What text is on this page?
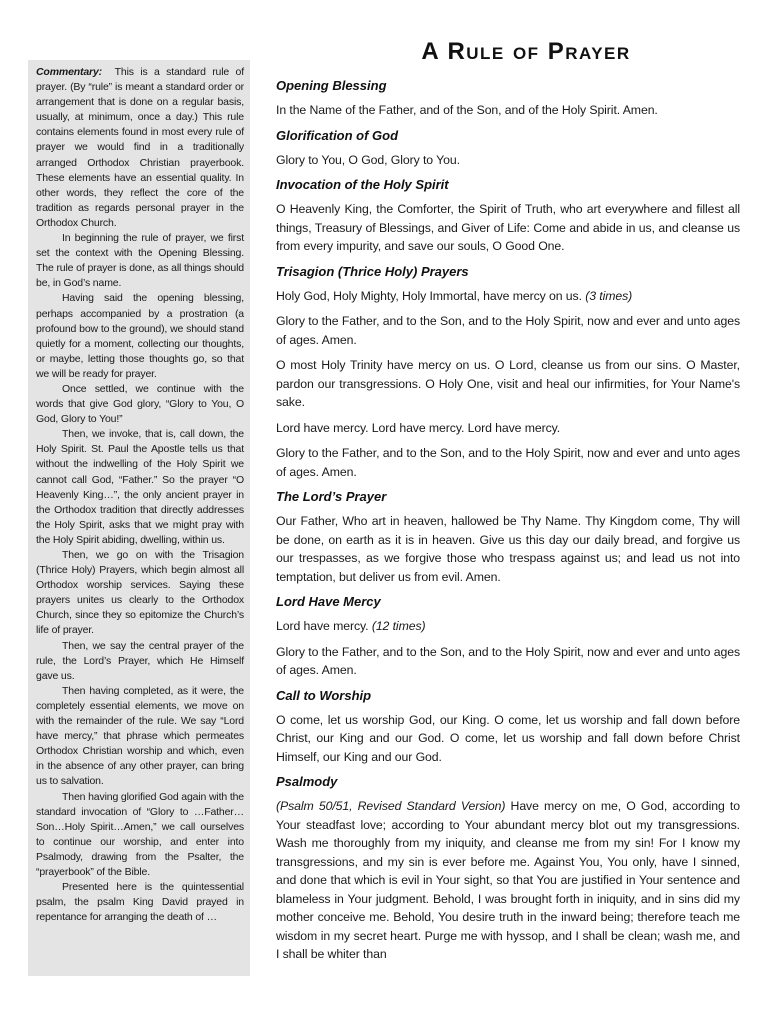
Commentary: This is a standard rule of prayer. (By “rule” is meant a standard order or arrangement that is done on a regular basis, usually, at minimum, once a day.) This rule contains elements found in most every rule of prayer we would find in a traditionally arranged Orthodox Christian prayerbook. These elements have an essential quality. In other words, they reflect the core of the tradition as regards personal prayer in the Orthodox Church.

In beginning the rule of prayer, we first set the context with the Opening Blessing. The rule of prayer is done, as all things should be, in God’s name.

Having said the opening blessing, perhaps accompanied by a prostration (a profound bow to the ground), we should stand quietly for a moment, collecting our thoughts, or maybe, letting those thoughts go, so that we will be ready for prayer.

Once settled, we continue with the words that give God glory, “Glory to You, O God, Glory to You!”

Then, we invoke, that is, call down, the Holy Spirit. St. Paul the Apostle tells us that without the indwelling of the Holy Spirit we cannot call God, “Father.” So the prayer “O Heavenly King…”, the only ancient prayer in the Orthodox tradition that directly addresses the Holy Spirit, asks that we might pray with the Holy Spirit abiding, dwelling, within us.

Then, we go on with the Trisagion (Thrice Holy) Prayers, which begin almost all Orthodox worship services. Saying these prayers unites us clearly to the Orthodox Church, since they so epitomize the Church’s life of prayer.

Then, we say the central prayer of the rule, the Lord’s Prayer, which He Himself gave us.

Then having completed, as it were, the completely essential elements, we move on with the remainder of the rule. We say “Lord have mercy,” that phrase which permeates Orthodox Christian worship and which, even in the absence of any other prayer, can bring us to salvation.

Then having glorified God again with the standard invocation of “Glory to …Father…Son…Holy Spirit…Amen,” we call ourselves to continue our worship, and enter into Psalmody, drawing from the Psalter, the “prayerbook” of the Bible.

Presented here is the quintessential psalm, the psalm King David prayed in repentance for arranging the death of …

A Rule of Prayer
Opening Blessing

In the Name of the Father, and of the Son, and of the Holy Spirit. Amen.

Glorification of God

Glory to You, O God, Glory to You.

Invocation of the Holy Spirit

O Heavenly King, the Comforter, the Spirit of Truth, who art everywhere and fillest all things, Treasury of Blessings, and Giver of Life: Come and abide in us, and cleanse us from every impurity, and save our souls, O Good One.

Trisagion (Thrice Holy) Prayers

Holy God, Holy Mighty, Holy Immortal, have mercy on us. (3 times)

Glory to the Father, and to the Son, and to the Holy Spirit, now and ever and unto ages of ages. Amen.

O most Holy Trinity have mercy on us. O Lord, cleanse us from our sins. O Master, pardon our transgressions. O Holy One, visit and heal our infirmities, for Your Name's sake.

Lord have mercy. Lord have mercy. Lord have mercy.

Glory to the Father, and to the Son, and to the Holy Spirit, now and ever and unto ages of ages. Amen.

The Lord’s Prayer

Our Father, Who art in heaven, hallowed be Thy Name. Thy Kingdom come, Thy will be done, on earth as it is in heaven. Give us this day our daily bread, and forgive us our trespasses, as we forgive those who trespass against us; and lead us not into temptation, but deliver us from evil. Amen.

Lord Have Mercy

Lord have mercy. (12 times)

Glory to the Father, and to the Son, and to the Holy Spirit, now and ever and unto ages of ages. Amen.

Call to Worship

O come, let us worship God, our King. O come, let us worship and fall down before Christ, our King and our God. O come, let us worship and fall down before Christ Himself, our King and our God.

Psalmody

(Psalm 50/51, Revised Standard Version) Have mercy on me, O God, according to Your steadfast love; according to Your abundant mercy blot out my transgressions. Wash me thoroughly from my iniquity, and cleanse me from my sin! For I know my transgressions, and my sin is ever before me. Against You, You only, have I sinned, and done that which is evil in Your sight, so that You are justified in Your sentence and blameless in Your judgment. Behold, I was brought forth in iniquity, and in sins did my mother conceive me. Behold, You desire truth in the inward being; therefore teach me wisdom in my secret heart. Purge me with hyssop, and I shall be clean; wash me, and I shall be whiter than
